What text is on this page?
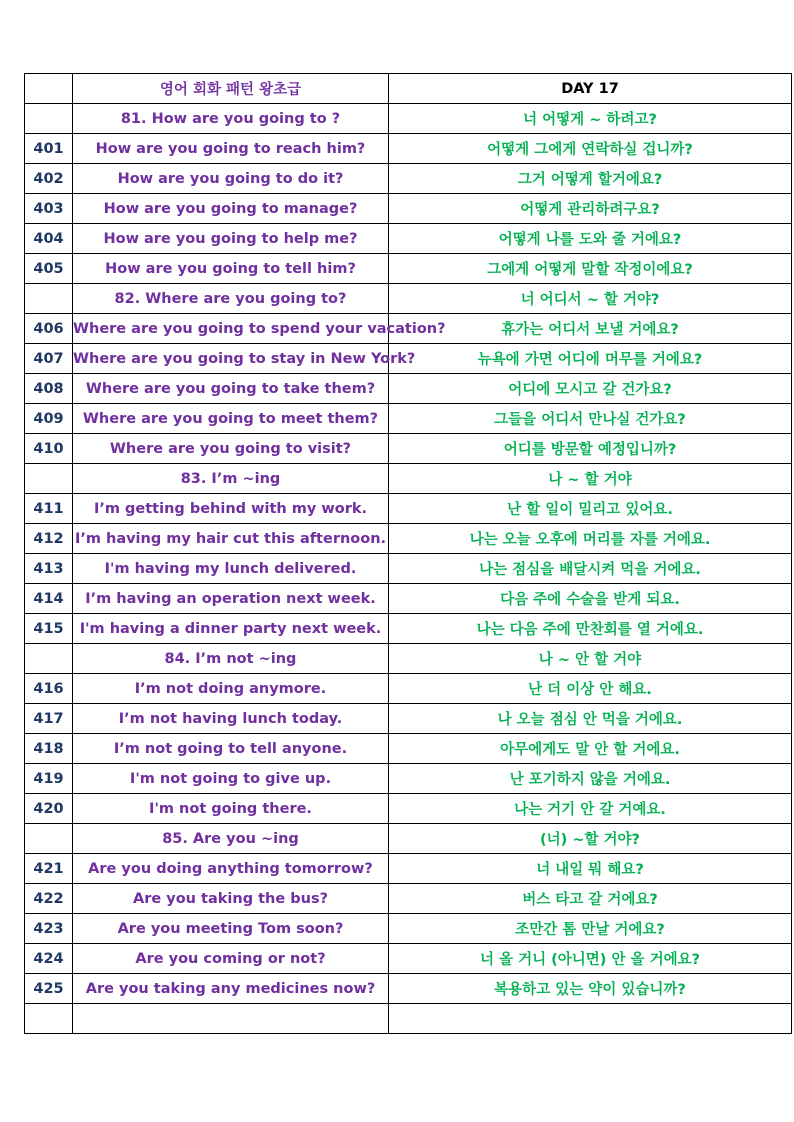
	영어 회화 패턴 왕초급	DAY 17
	81. How are you going to ?	너 어떻게 ~ 하려고?
401	How are you going to reach him?	어떻게 그에게 연락하실 겁니까?
402	How are you going to do it?	그거 어떻게 할거에요?
403	How are you going to manage?	어떻게 관리하려구요?
404	How are you going to help me?	어떻게 나를 도와 줄 거에요?
405	How are you going to tell him?	그에게 어떻게 말할 작정이에요?
	82. Where are you going to?	너 어디서 ~ 할 거야?
406	Where are you going to spend your vacation?	휴가는 어디서 보낼 거에요?
407	Where are you going to stay in New York?	뉴욕에 가면 어디에 머무를 거에요?
408	Where are you going to take them?	어디에 모시고 갈 건가요?
409	Where are you going to meet them?	그들을 어디서 만나실 건가요?
410	Where are you going to visit?	어디를 방문할 예정입니까?
	83. I’m ~ing	나 ~ 할 거야
411	I’m getting behind with my work.	난 할 일이 밀리고 있어요.
412	I’m having my hair cut this afternoon.	나는 오늘 오후에 머리를 자를 거에요.
413	I'm having my lunch delivered.	나는 점심을 배달시켜 먹을 거에요.
414	I’m having an operation next week.	다음 주에 수술을 받게 되요.
415	I'm having a dinner party next week.	나는 다음 주에 만찬회를 열 거에요.
	84. I’m not ~ing	나 ~ 안 할 거야
416	I’m not doing anymore.	난 더 이상 안 해요.
417	I’m not having lunch today.	나 오늘 점심 안 먹을 거에요.
418	I’m not going to tell anyone.	아무에게도 말 안 할 거에요.
419	I'm not going to give up.	난 포기하지 않을 거에요.
420	I'm not going there.	나는 거기 안 갈 거예요.
	85. Are you ~ing	(너) ~할 거야?
421	Are you doing anything tomorrow?	너 내일 뭐 해요?
422	Are you taking the bus?	버스 타고 갈 거에요?
423	Are you meeting Tom soon?	조만간 톰 만날 거에요?
424	Are you coming or not?	너 올 거니 (아니면) 안 올 거에요?
425	Are you taking any medicines now?	복용하고 있는 약이 있습니까?
